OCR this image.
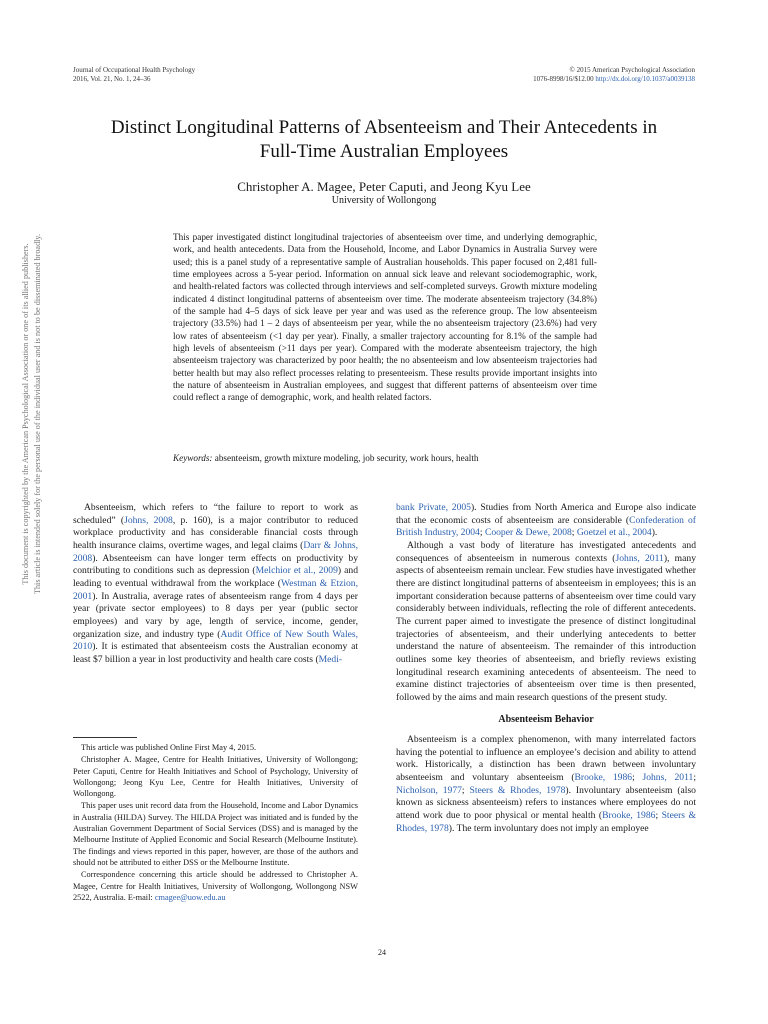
Journal of Occupational Health Psychology
2016, Vol. 21, No. 1, 24–36
© 2015 American Psychological Association
1076-8998/16/$12.00 http://dx.doi.org/10.1037/a0039138
Distinct Longitudinal Patterns of Absenteeism and Their Antecedents in
Full-Time Australian Employees
Christopher A. Magee, Peter Caputi, and Jeong Kyu Lee
University of Wollongong
This paper investigated distinct longitudinal trajectories of absenteeism over time, and underlying demographic, work, and health antecedents. Data from the Household, Income, and Labor Dynamics in Australia Survey were used; this is a panel study of a representative sample of Australian households. This paper focused on 2,481 full-time employees across a 5-year period. Information on annual sick leave and relevant sociodemographic, work, and health-related factors was collected through interviews and self-completed surveys. Growth mixture modeling indicated 4 distinct longitudinal patterns of absenteeism over time. The moderate absenteeism trajectory (34.8%) of the sample had 4–5 days of sick leave per year and was used as the reference group. The low absenteeism trajectory (33.5%) had 1 – 2 days of absenteeism per year, while the no absenteeism trajectory (23.6%) had very low rates of absenteeism (<1 day per year). Finally, a smaller trajectory accounting for 8.1% of the sample had high levels of absenteeism (>11 days per year). Compared with the moderate absenteeism trajectory, the high absenteeism trajectory was characterized by poor health; the no absenteeism and low absenteeism trajectories had better health but may also reflect processes relating to presenteeism. These results provide important insights into the nature of absenteeism in Australian employees, and suggest that different patterns of absenteeism over time could reflect a range of demographic, work, and health related factors.
Keywords: absenteeism, growth mixture modeling, job security, work hours, health

Absenteeism, which refers to “the failure to report to work as scheduled” (Johns, 2008, p. 160), is a major contributor to reduced workplace productivity and has considerable financial costs through health insurance claims, overtime wages, and legal claims (Darr & Johns, 2008). Absenteeism can have longer term effects on productivity by contributing to conditions such as depression (Melchior et al., 2009) and leading to eventual withdrawal from the workplace (Westman & Etzion, 2001). In Australia, average rates of absenteeism range from 4 days per year (private sector employees) to 8 days per year (public sector employees) and vary by age, length of service, income, gender, organization size, and industry type (Audit Office of New South Wales, 2010). It is estimated that absenteeism costs the Australian economy at least $7 billion a year in lost productivity and health care costs (Medi-

This article was published Online First May 4, 2015.

Christopher A. Magee, Centre for Health Initiatives, University of Wollongong; Peter Caputi, Centre for Health Initiatives and School of Psychology, University of Wollongong; Jeong Kyu Lee, Centre for Health Initiatives, University of Wollongong.

This paper uses unit record data from the Household, Income and Labor Dynamics in Australia (HILDA) Survey. The HILDA Project was initiated and is funded by the Australian Government Department of Social Services (DSS) and is managed by the Melbourne Institute of Applied Economic and Social Research (Melbourne Institute). The findings and views reported in this paper, however, are those of the authors and should not be attributed to either DSS or the Melbourne Institute.

Correspondence concerning this article should be addressed to Christopher A. Magee, Centre for Health Initiatives, University of Wollongong, Wollongong NSW 2522, Australia. E-mail: cmagee@uow.edu.au

bank Private, 2005). Studies from North America and Europe also indicate that the economic costs of absenteeism are considerable (Confederation of British Industry, 2004; Cooper & Dewe, 2008; Goetzel et al., 2004).

Although a vast body of literature has investigated antecedents and consequences of absenteeism in numerous contexts (Johns, 2011), many aspects of absenteeism remain unclear. Few studies have investigated whether there are distinct longitudinal patterns of absenteeism in employees; this is an important consideration because patterns of absenteeism over time could vary considerably between individuals, reflecting the role of different antecedents. The current paper aimed to investigate the presence of distinct longitudinal trajectories of absenteeism, and their underlying antecedents to better understand the nature of absenteeism. The remainder of this introduction outlines some key theories of absenteeism, and briefly reviews existing longitudinal research examining antecedents of absenteeism. The need to examine distinct trajectories of absenteeism over time is then presented, followed by the aims and main research questions of the present study.

Absenteeism Behavior

Absenteeism is a complex phenomenon, with many interrelated factors having the potential to influence an employee’s decision and ability to attend work. Historically, a distinction has been drawn between involuntary absenteeism and voluntary absenteeism (Brooke, 1986; Johns, 2011; Nicholson, 1977; Steers & Rhodes, 1978). Involuntary absenteeism (also known as sickness absenteeism) refers to instances where employees do not attend work due to poor physical or mental health (Brooke, 1986; Steers & Rhodes, 1978). The term involuntary does not imply an employee

24
This document is copyrighted by the American Psychological Association or one of its allied publishers. This article is intended solely for the personal use of the individual user and is not to be disseminated broadly.
